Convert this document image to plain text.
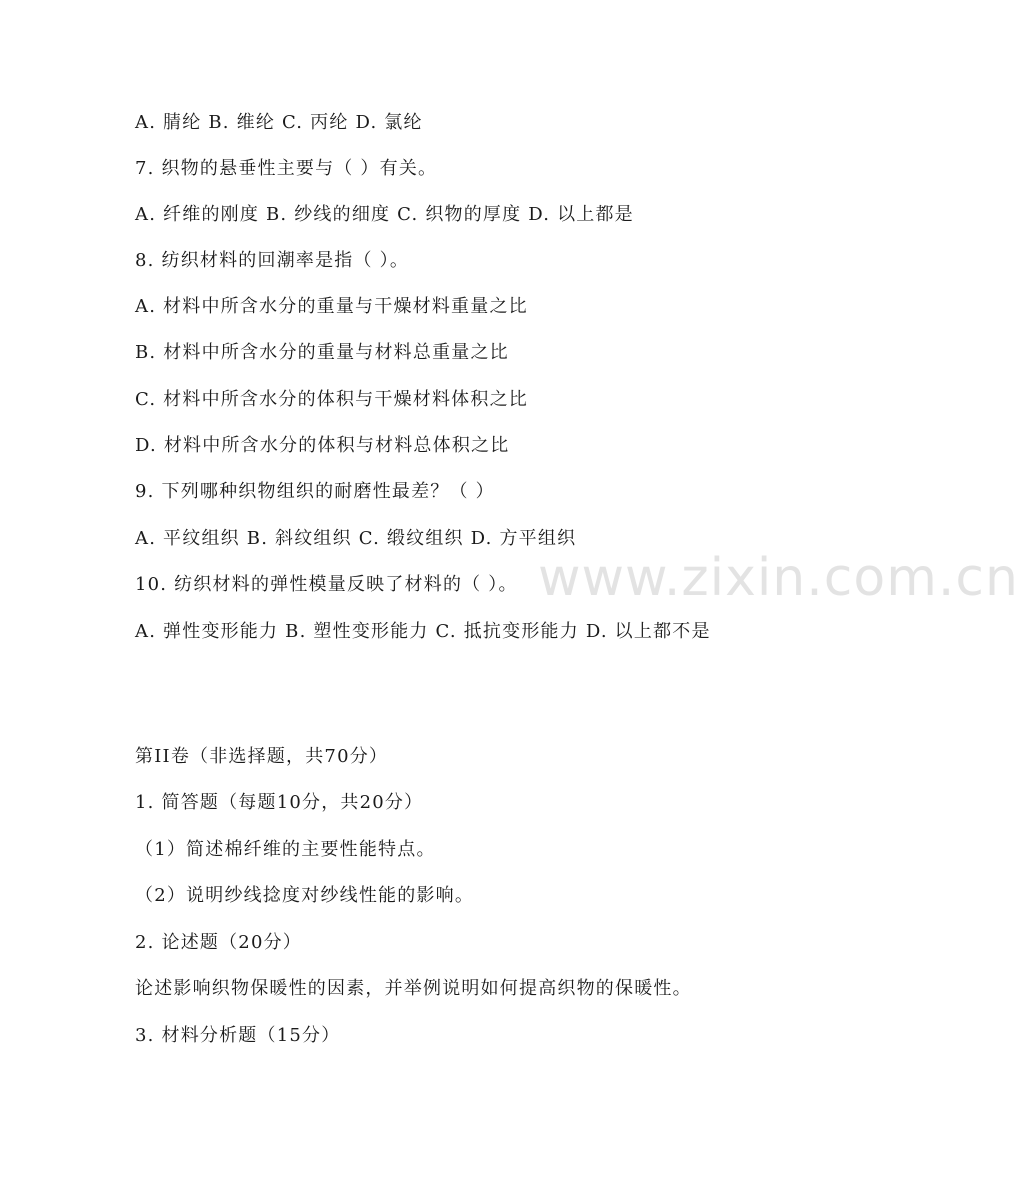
www.zixin.com.cn
A. 腈纶 B. 维纶 C. 丙纶 D. 氯纶
7. 织物的悬垂性主要与（ ）有关。
A. 纤维的刚度 B. 纱线的细度 C. 织物的厚度 D. 以上都是
8. 纺织材料的回潮率是指（ ）。
A. 材料中所含水分的重量与干燥材料重量之比
B. 材料中所含水分的重量与材料总重量之比
C. 材料中所含水分的体积与干燥材料体积之比
D. 材料中所含水分的体积与材料总体积之比
9. 下列哪种织物组织的耐磨性最差？（ ）
A. 平纹组织 B. 斜纹组织 C. 缎纹组织 D. 方平组织
10. 纺织材料的弹性模量反映了材料的（ ）。
A. 弹性变形能力 B. 塑性变形能力 C. 抵抗变形能力 D. 以上都不是
第II卷（非选择题，共70分）
1. 简答题（每题10分，共20分）
（1）简述棉纤维的主要性能特点。
（2）说明纱线捻度对纱线性能的影响。
2. 论述题（20分）
论述影响织物保暖性的因素，并举例说明如何提高织物的保暖性。
3. 材料分析题（15分）
